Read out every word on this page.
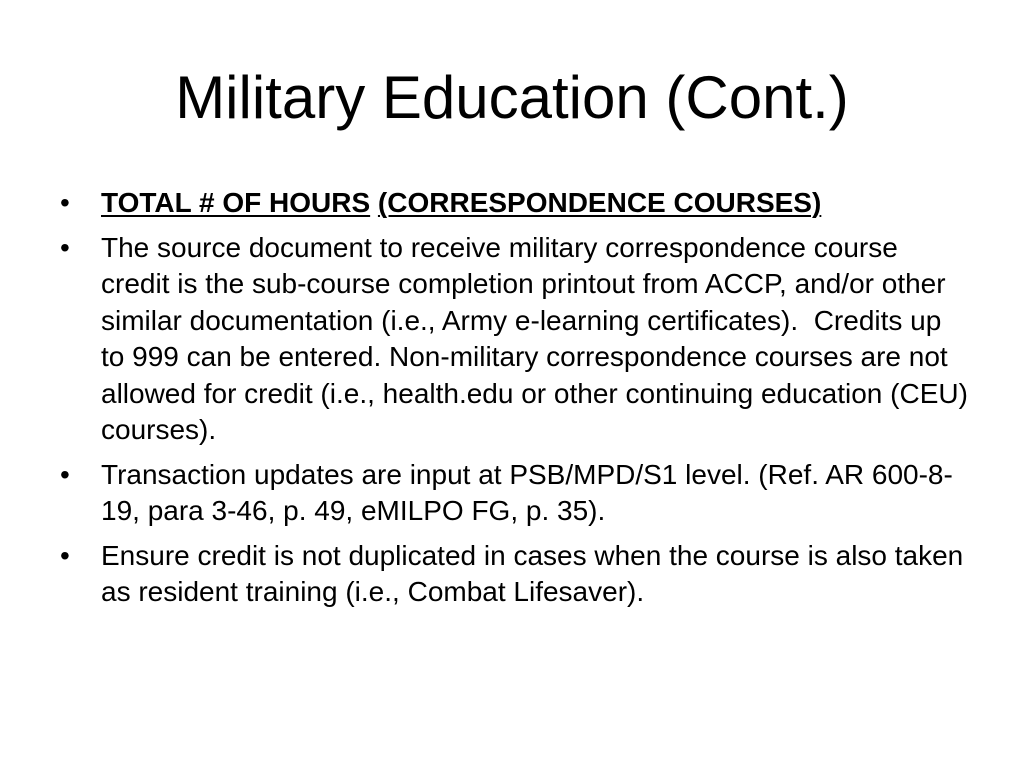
Military Education (Cont.)
•	TOTAL # OF HOURS (CORRESPONDENCE COURSES)
•	The source document to receive military correspondence course credit is the sub-course completion printout from ACCP, and/or other similar documentation (i.e., Army e-learning certificates).  Credits up to 999 can be entered. Non-military correspondence courses are not allowed for credit (i.e., health.edu or other continuing education (CEU) courses).
•	Transaction updates are input at PSB/MPD/S1 level. (Ref. AR 600-8-19, para 3-46, p. 49, eMILPO FG, p. 35).
•	Ensure credit is not duplicated in cases when the course is also taken as resident training (i.e., Combat Lifesaver).
